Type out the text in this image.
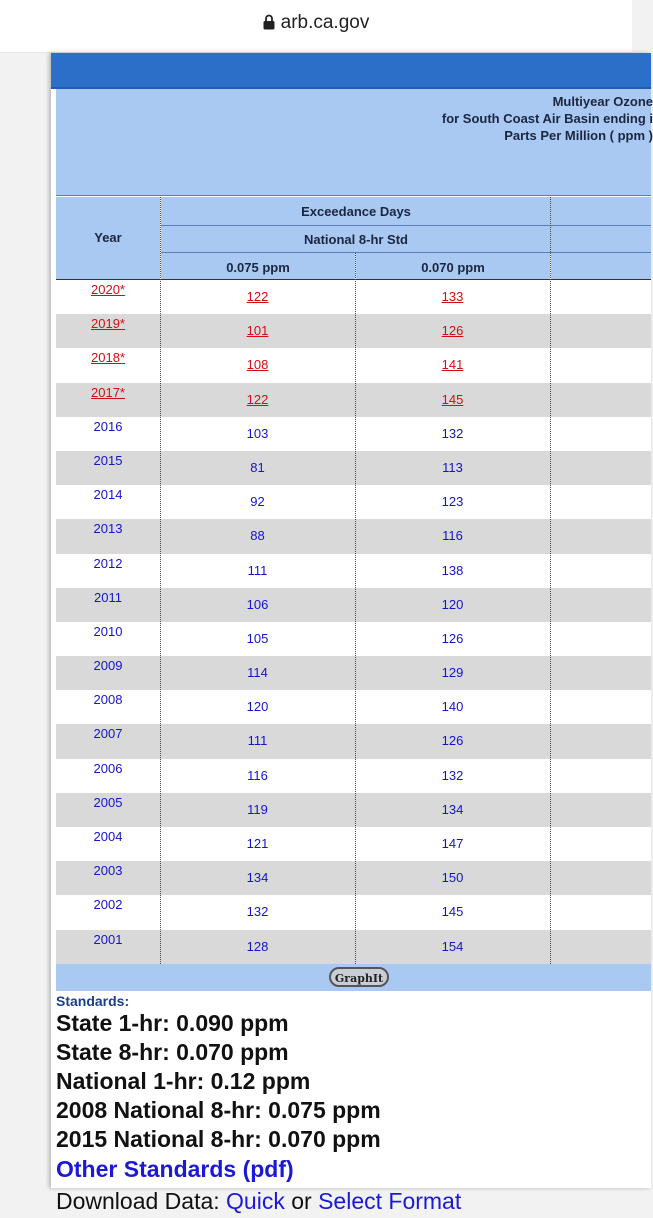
arb.ca.gov
Multiyear Ozone
for South Coast Air Basin ending i
Parts Per Million ( ppm )
Year
Exceedance Days
National 8-hr Std
0.075 ppm	0.070 ppm
2020*	122	133
2019*	101	126
2018*	108	141
2017*	122	145
2016	103	132
2015	81	113
2014	92	123
2013	88	116
2012	111	138
2011	106	120
2010	105	126
2009	114	129
2008	120	140
2007	111	126
2006	116	132
2005	119	134
2004	121	147
2003	134	150
2002	132	145
2001	128	154
GraphIt
Standards:
State 1-hr: 0.090 ppm
State 8-hr: 0.070 ppm
National 1-hr: 0.12 ppm
2008 National 8-hr: 0.075 ppm
2015 National 8-hr: 0.070 ppm
Other Standards (pdf)
Download Data: Quick or Select Format
